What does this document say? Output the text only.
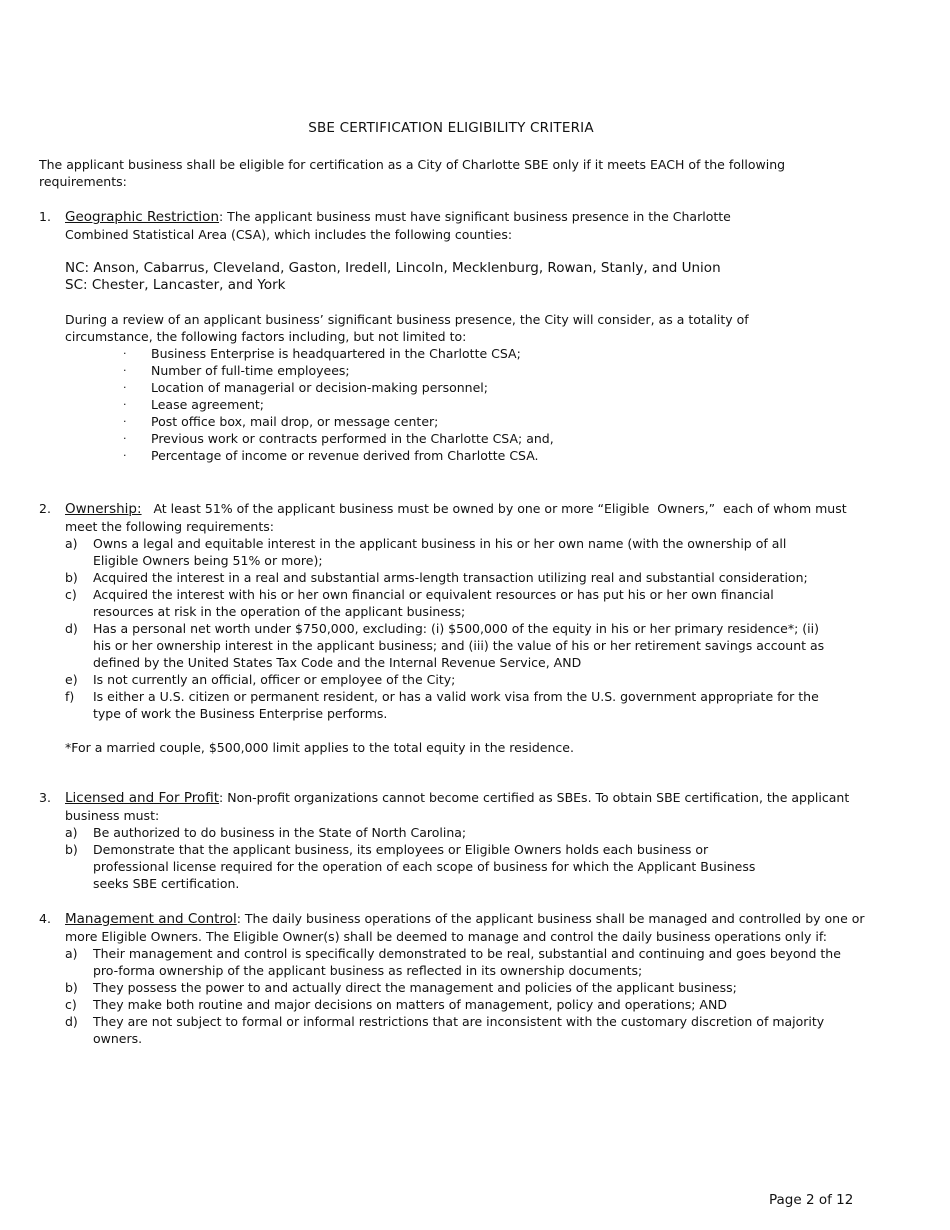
SBE CERTIFICATION ELIGIBILITY CRITERIA
The applicant business shall be eligible for certification as a City of Charlotte SBE only if it meets EACH of the following requirements:
1. Geographic Restriction: The applicant business must have significant business presence in the Charlotte Combined Statistical Area (CSA), which includes the following counties:
NC: Anson, Cabarrus, Cleveland, Gaston, Iredell, Lincoln, Mecklenburg, Rowan, Stanly, and Union
SC: Chester, Lancaster, and York
During a review of an applicant business’ significant business presence, the City will consider, as a totality of circumstance, the following factors including, but not limited to:
· Business Enterprise is headquartered in the Charlotte CSA;
· Number of full-time employees;
· Location of managerial or decision-making personnel;
· Lease agreement;
· Post office box, mail drop, or message center;
· Previous work or contracts performed in the Charlotte CSA; and,
· Percentage of income or revenue derived from Charlotte CSA.
2. Ownership:   At least 51% of the applicant business must be owned by one or more “Eligible  Owners,”  each of whom must meet the following requirements:
a) Owns a legal and equitable interest in the applicant business in his or her own name (with the ownership of all Eligible Owners being 51% or more);
b) Acquired the interest in a real and substantial arms-length transaction utilizing real and substantial consideration;
c) Acquired the interest with his or her own financial or equivalent resources or has put his or her own financial resources at risk in the operation of the applicant business;
d) Has a personal net worth under $750,000, excluding: (i) $500,000 of the equity in his or her primary residence*; (ii) his or her ownership interest in the applicant business; and (iii) the value of his or her retirement savings account as defined by the United States Tax Code and the Internal Revenue Service, AND
e) Is not currently an official, officer or employee of the City;
f) Is either a U.S. citizen or permanent resident, or has a valid work visa from the U.S. government appropriate for the type of work the Business Enterprise performs.
*For a married couple, $500,000 limit applies to the total equity in the residence.
3. Licensed and For Profit: Non-profit organizations cannot become certified as SBEs. To obtain SBE certification, the applicant business must:
a) Be authorized to do business in the State of North Carolina;
b) Demonstrate that the applicant business, its employees or Eligible Owners holds each business or professional license required for the operation of each scope of business for which the Applicant Business seeks SBE certification.
4. Management and Control: The daily business operations of the applicant business shall be managed and controlled by one or more Eligible Owners. The Eligible Owner(s) shall be deemed to manage and control the daily business operations only if:
a) Their management and control is specifically demonstrated to be real, substantial and continuing and goes beyond the pro-forma ownership of the applicant business as reflected in its ownership documents;
b) They possess the power to and actually direct the management and policies of the applicant business;
c) They make both routine and major decisions on matters of management, policy and operations; AND
d) They are not subject to formal or informal restrictions that are inconsistent with the customary discretion of majority owners.
Page 2 of 12
